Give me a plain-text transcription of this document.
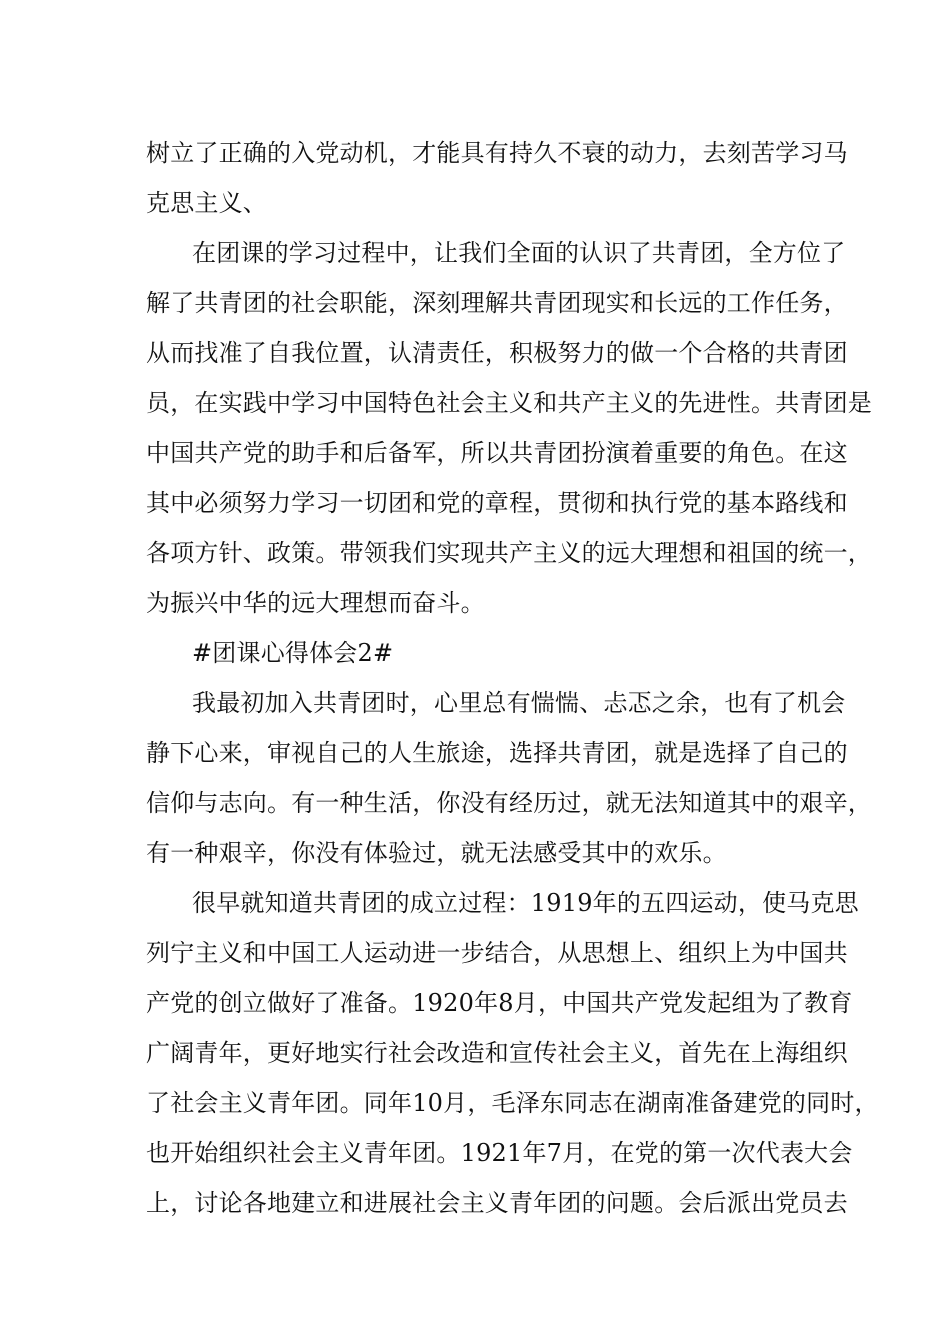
树立了正确的入党动机，才能具有持久不衰的动力，去刻苦学习马
克思主义、
在团课的学习过程中，让我们全面的认识了共青团，全方位了
解了共青团的社会职能，深刻理解共青团现实和长远的工作任务，
从而找准了自我位置，认清责任，积极努力的做一个合格的共青团
员，在实践中学习中国特色社会主义和共产主义的先进性。共青团是
中国共产党的助手和后备军，所以共青团扮演着重要的角色。在这
其中必须努力学习一切团和党的章程，贯彻和执行党的基本路线和
各项方针、政策。带领我们实现共产主义的远大理想和祖国的统一，
为振兴中华的远大理想而奋斗。
#团课心得体会2#
我最初加入共青团时，心里总有惴惴、忐忑之余，也有了机会
静下心来，审视自己的人生旅途，选择共青团，就是选择了自己的
信仰与志向。有一种生活，你没有经历过，就无法知道其中的艰辛，
有一种艰辛，你没有体验过，就无法感受其中的欢乐。
很早就知道共青团的成立过程：1919年的五四运动，使马克思
列宁主义和中国工人运动进一步结合，从思想上、组织上为中国共
产党的创立做好了准备。1920年8月，中国共产党发起组为了教育
广阔青年，更好地实行社会改造和宣传社会主义，首先在上海组织
了社会主义青年团。同年10月，毛泽东同志在湖南准备建党的同时，
也开始组织社会主义青年团。1921年7月，在党的第一次代表大会
上，讨论各地建立和进展社会主义青年团的问题。会后派出党员去
